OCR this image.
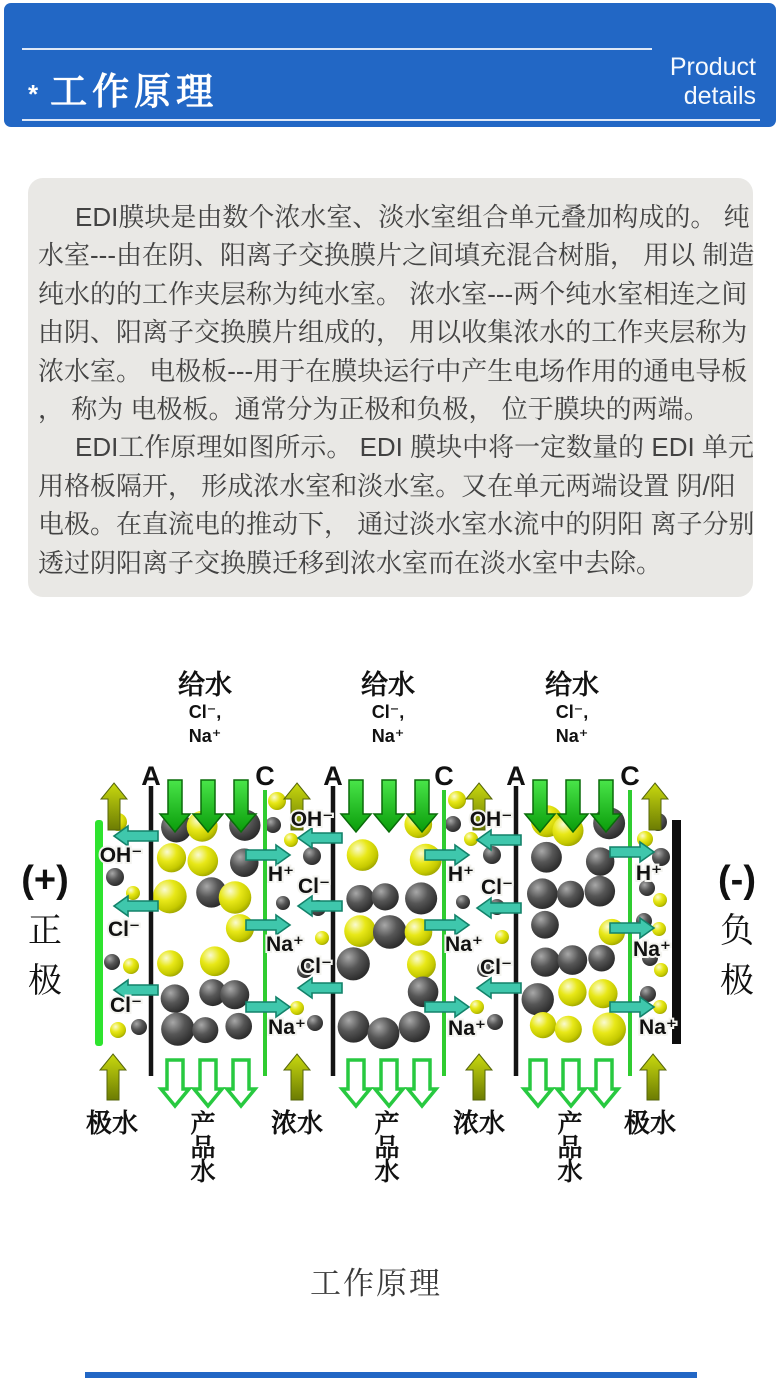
* 工作原理
Product
details
EDI膜块是由数个浓水室、淡水室组合单元叠加构成的。 纯
水室---由在阴、阳离子交换膜片之间填充混合树脂， 用以 制造
纯水的的工作夹层称为纯水室。 浓水室---两个纯水室相连之间
由阴、阳离子交换膜片组成的， 用以收集浓水的工作夹层称为
浓水室。 电极板---用于在膜块运行中产生电场作用的通电导板
， 称为 电极板。通常分为正极和负极， 位于膜块的两端。
EDI工作原理如图所示。 EDI 膜块中将一定数量的 EDI 单元
用格板隔开， 形成浓水室和淡水室。又在单元两端设置 阴/阳
电极。在直流电的推动下， 通过淡水室水流中的阴阳 离子分别
透过阴阳离子交换膜迁移到浓水室而在淡水室中去除。
给水
Cl⁻,
Na⁺
给水
Cl⁻,
Na⁺
给水
Cl⁻,
Na⁺
A	A	A
C	C	C
(+)
正
极
(-)
负
极
OH⁻
Cl⁻
Cl⁻
OH⁻
H⁺
Cl⁻
Na⁺
Cl⁻
Na⁺
OH⁻
H⁺
Cl⁻
Na⁺
Cl⁻
Na⁺
H⁺
Na⁺
Na⁺
极水 产
品
水
浓水 产
品
水
浓水 产
品
水
极水
工作原理
